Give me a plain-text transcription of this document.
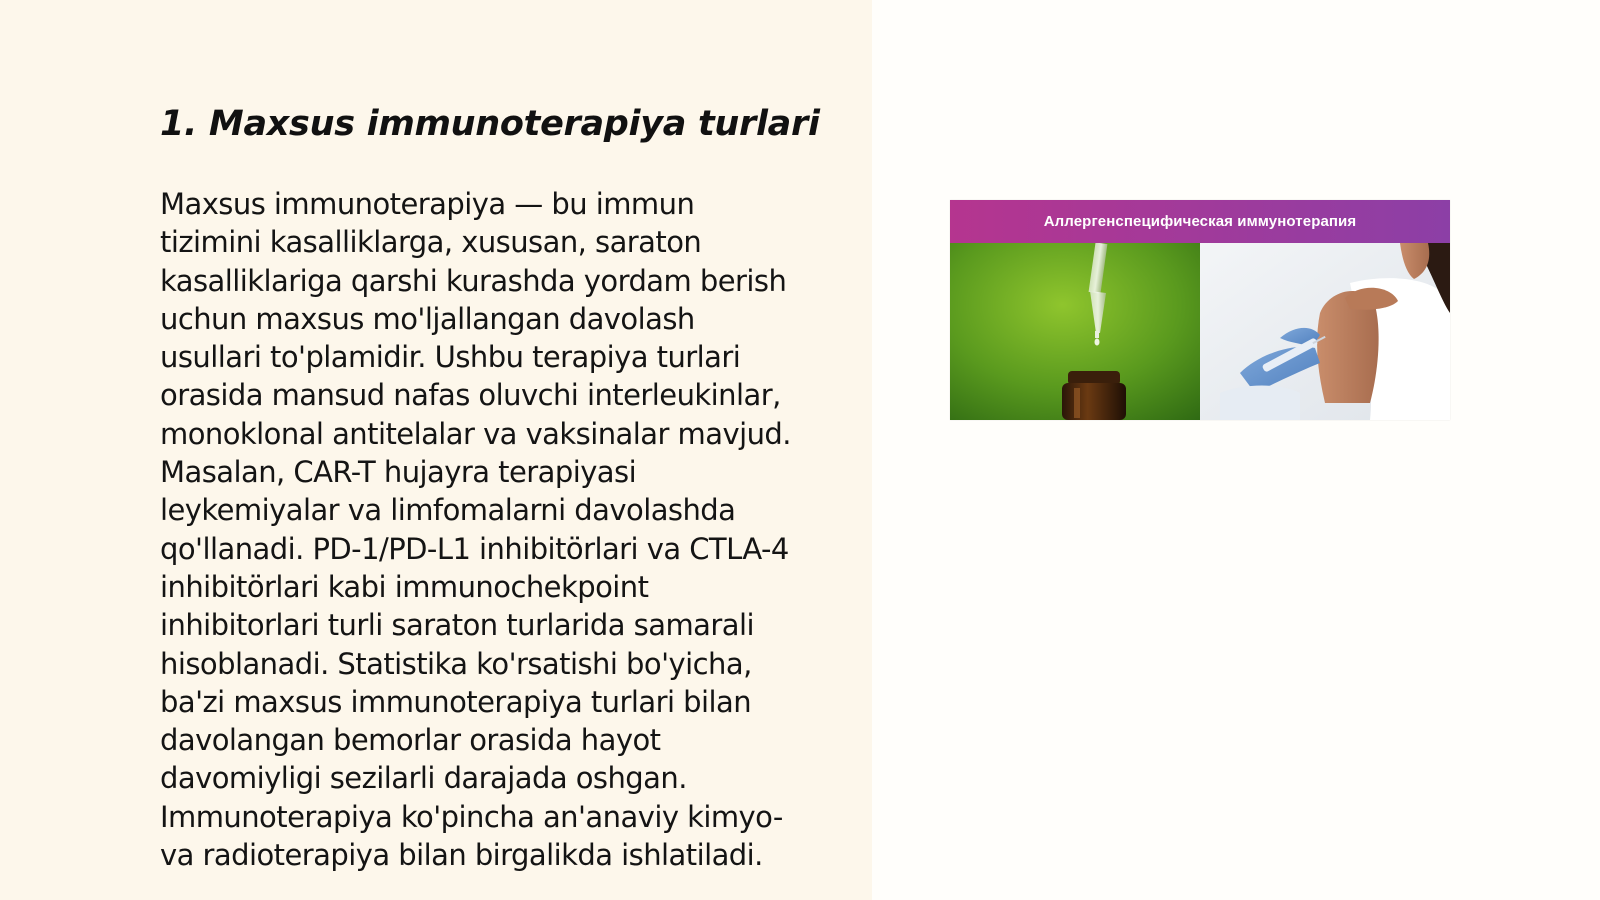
1. Maxsus immunoterapiya turlari

Maxsus immunoterapiya — bu immun
tizimini kasalliklarga, xususan, saraton
kasalliklariga qarshi kurashda yordam berish
uchun maxsus mo'ljallangan davolash
usullari to'plamidir. Ushbu terapiya turlari
orasida mansud nafas oluvchi interleukinlar,
monoklonal antitelalar va vaksinalar mavjud.
Masalan, CAR-T hujayra terapiyasi
leykemiyalar va limfomalarni davolashda
qo'llanadi. PD-1/PD-L1 inhibitörlari va CTLA-4
inhibitörlari kabi immunochekpoint
inhibitorlari turli saraton turlarida samarali
hisoblanadi. Statistika ko'rsatishi bo'yicha,
ba'zi maxsus immunoterapiya turlari bilan
davolangan bemorlar orasida hayot
davomiyligi sezilarli darajada oshgan.
Immunoterapiya ko'pincha an'anaviy kimyo-
va radioterapiya bilan birgalikda ishlatiladi.

Аллергенспецифическая иммунотерапия
